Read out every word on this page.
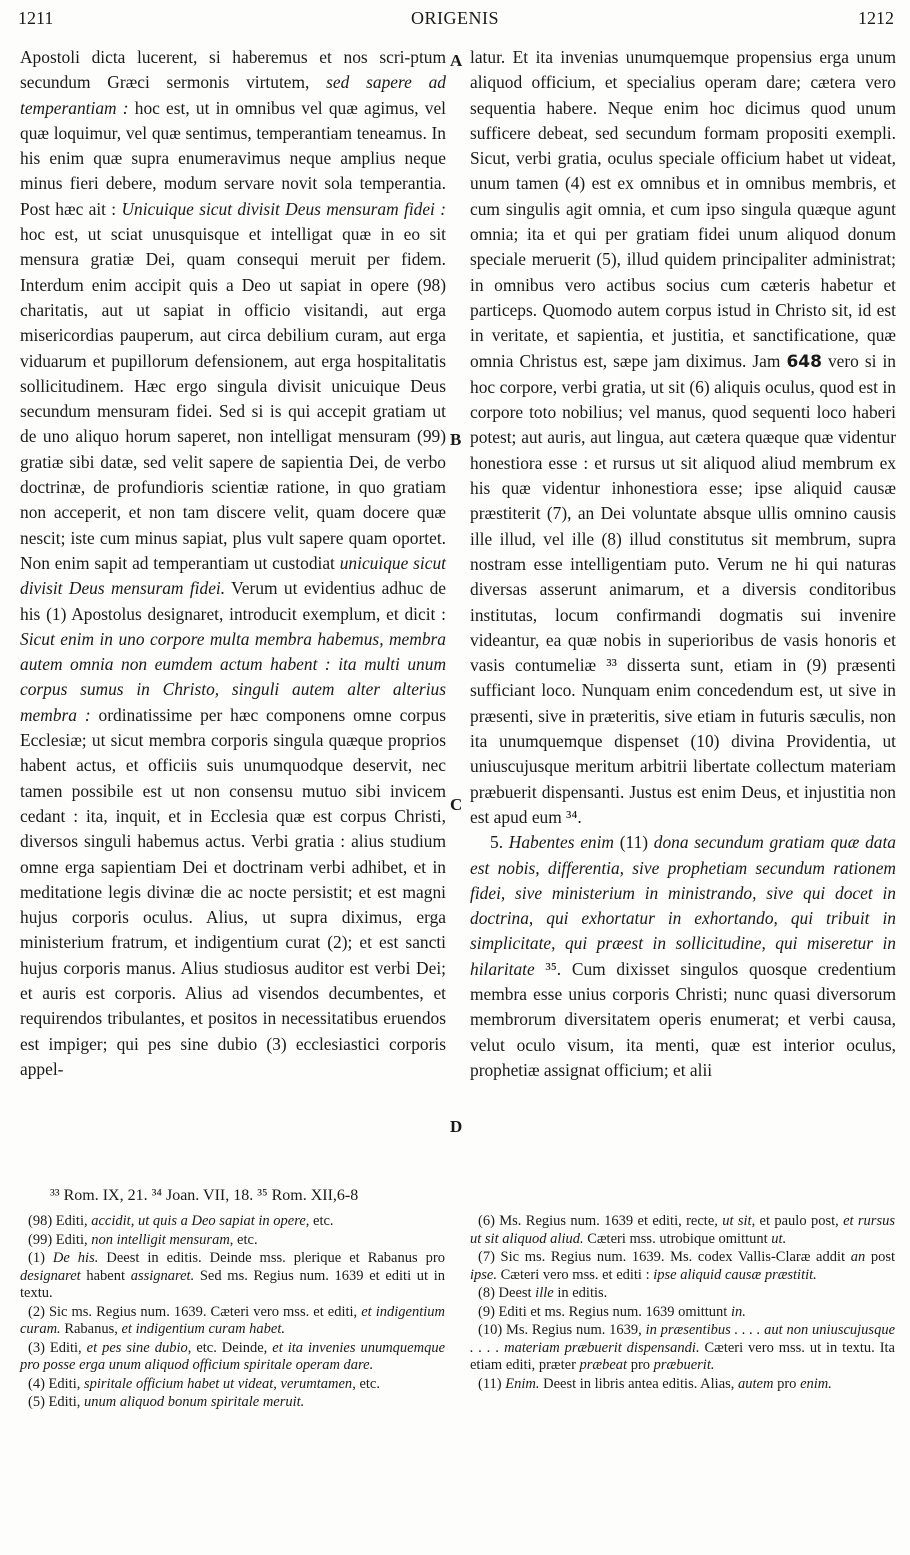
1211	ORIGENIS	1212

Apostoli dicta lucerent, si haberemus et nos scri-ptum secundum Græci sermonis virtutem, sed sapere ad temperantiam : hoc est, ut in omnibus vel quæ agimus, vel quæ loquimur, vel quæ sentimus, temperantiam teneamus. In his enim quæ supra enumeravimus neque amplius neque minus fieri debere, modum servare novit sola temperantia. Post hæc ait : Unicuique sicut divisit Deus mensuram fidei : hoc est, ut sciat unusquisque et intelligat quæ in eo sit mensura gratiæ Dei, quam consequi meruit per fidem. Interdum enim accipit quis a Deo ut sapiat in opere (98) charitatis, aut ut sapiat in officio visitandi, aut erga misericordias pauperum, aut circa debilium curam, aut erga viduarum et pupillorum defensionem, aut erga hospitalitatis sollicitudinem. Hæc ergo singula divisit unicuique Deus secundum mensuram fidei. Sed si is qui accepit gratiam ut de uno aliquo horum saperet, non intelligat mensuram (99) gratiæ sibi datæ, sed velit sapere de sapientia Dei, de verbo doctrinæ, de profundioris scientiæ ratione, in quo gratiam non acceperit, et non tam discere velit, quam docere quæ nescit; iste cum minus sapiat, plus vult sapere quam oportet. Non enim sapit ad temperantiam ut custodiat unicuique sicut divisit Deus mensuram fidei. Verum ut evidentius adhuc de his (1) Apostolus designaret, introducit exemplum, et dicit : Sicut enim in uno corpore multa membra habemus, membra autem omnia non eumdem actum habent : ita multi unum corpus sumus in Christo, singuli autem alter alterius membra : ordinatissime per hæc componens omne corpus Ecclesiæ; ut sicut membra corporis singula quæque proprios habent actus, et officiis suis unumquodque deservit, nec tamen possibile est ut non consensu mutuo sibi invicem cedant : ita, inquit, et in Ecclesia quæ est corpus Christi, diversos singuli habemus actus. Verbi gratia : alius studium omne erga sapientiam Dei et doctrinam verbi adhibet, et in meditatione legis divinæ die ac nocte persistit; et est magni hujus corporis oculus. Alius, ut supra diximus, erga ministerium fratrum, et indigentium curat (2); et est sancti hujus corporis manus. Alius studiosus auditor est verbi Dei; et auris est corporis. Alius ad visendos decumbentes, et requirendos tribulantes, et positos in necessitatibus eruendos est impiger; qui pes sine dubio (3) ecclesiastici corporis appel-

A
B
C
D

latur. Et ita invenias unumquemque propensius erga unum aliquod officium, et specialius operam dare; cætera vero sequentia habere. Neque enim hoc dicimus quod unum sufficere debeat, sed secundum formam propositi exempli. Sicut, verbi gratia, oculus speciale officium habet ut videat, unum tamen (4) est ex omnibus et in omnibus membris, et cum singulis agit omnia, et cum ipso singula quæque agunt omnia; ita et qui per gratiam fidei unum aliquod donum speciale meruerit (5), illud quidem principaliter administrat; in omnibus vero actibus socius cum cæteris habetur et particeps. Quomodo autem corpus istud in Christo sit, id est in veritate, et sapientia, et justitia, et sanctificatione, quæ omnia Christus est, sæpe jam diximus. Jam 648 vero si in hoc corpore, verbi gratia, ut sit (6) aliquis oculus, quod est in corpore toto nobilius; vel manus, quod sequenti loco haberi potest; aut auris, aut lingua, aut cætera quæque quæ videntur honestiora esse : et rursus ut sit aliquod aliud membrum ex his quæ videntur inhonestiora esse; ipse aliquid causæ præstiterit (7), an Dei voluntate absque ullis omnino causis ille illud, vel ille (8) illud constitutus sit membrum, supra nostram esse intelligentiam puto. Verum ne hi qui naturas diversas asserunt animarum, et a diversis conditoribus institutas, locum confirmandi dogmatis sui invenire videantur, ea quæ nobis in superioribus de vasis honoris et vasis contumeliæ ³³ disserta sunt, etiam in (9) præsenti sufficiant loco. Nunquam enim concedendum est, ut sive in præsenti, sive in præteritis, sive etiam in futuris sæculis, non ita unumquemque dispenset (10) divina Providentia, ut uniuscujusque meritum arbitrii libertate collectum materiam præbuerit dispensanti. Justus est enim Deus, et injustitia non est apud eum ³⁴.

5. Habentes enim (11) dona secundum gratiam quæ data est nobis, differentia, sive prophetiam secundum rationem fidei, sive ministerium in ministrando, sive qui docet in doctrina, qui exhortatur in exhortando, qui tribuit in simplicitate, qui præest in sollicitudine, qui miseretur in hilaritate ³⁵. Cum dixisset singulos quosque credentium membra esse unius corporis Christi; nunc quasi diversorum membrorum diversitatem operis enumerat; et verbi causa, velut oculo visum, ita menti, quæ est interior oculus, prophetiæ assignat officium; et alii

³³ Rom. IX, 21. ³⁴ Joan. VII, 18. ³⁵ Rom. XII,6-8

(98) Editi, accidit, ut quis a Deo sapiat in opere, etc.

(99) Editi, non intelligit mensuram, etc.

(1) De his. Deest in editis. Deinde mss. plerique et Rabanus pro designaret habent assignaret. Sed ms. Regius num. 1639 et editi ut in textu.

(2) Sic ms. Regius num. 1639. Cæteri vero mss. et editi, et indigentium curam. Rabanus, et indigentium curam habet.

(3) Editi, et pes sine dubio, etc. Deinde, et ita invenies unumquemque pro posse erga unum aliquod officium spiritale operam dare.

(4) Editi, spiritale officium habet ut videat, verumtamen, etc.

(5) Editi, unum aliquod bonum spiritale meruit.

(6) Ms. Regius num. 1639 et editi, recte, ut sit, et paulo post, et rursus ut sit aliquod aliud. Cæteri mss. utrobique omittunt ut.

(7) Sic ms. Regius num. 1639. Ms. codex Vallis-Claræ addit an post ipse. Cæteri vero mss. et editi : ipse aliquid causæ præstitit.

(8) Deest ille in editis.

(9) Editi et ms. Regius num. 1639 omittunt in.

(10) Ms. Regius num. 1639, in præsentibus . . . . aut non uniuscujusque . . . . materiam præbuerit dispensandi. Cæteri vero mss. ut in textu. Ita etiam editi, præter præbeat pro præbuerit.

(11) Enim. Deest in libris antea editis. Alias, autem pro enim.
